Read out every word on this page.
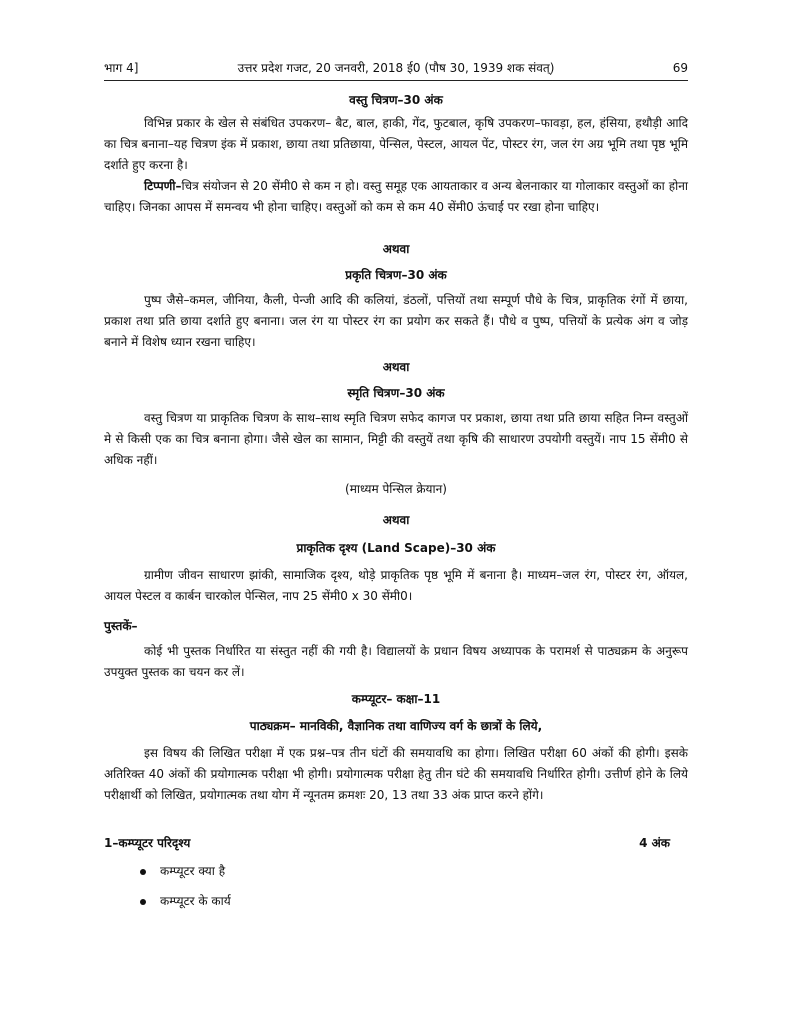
भाग 4]	उत्तर प्रदेश गजट, 20 जनवरी, 2018 ई0 (पौष 30, 1939 शक संवत्)	69
वस्तु चित्रण–30 अंक
विभिन्न प्रकार के खेल से संबंधित उपकरण– बैट, बाल, हाकी, गेंद, फुटबाल, कृषि उपकरण–फावड़ा, हल, हंसिया, हथौड़ी आदि का चित्र बनाना–यह चित्रण इंक में प्रकाश, छाया तथा प्रतिछाया, पेन्सिल, पेस्टल, आयल पेंट, पोस्टर रंग, जल रंग अग्र भूमि तथा पृष्ठ भूमि दर्शाते हुए करना है।
टिप्पणी–चित्र संयोजन से 20 सेंमी0 से कम न हो। वस्तु समूह एक आयताकार व अन्य बेलनाकार या गोलाकार वस्तुओं का होना चाहिए। जिनका आपस में समन्वय भी होना चाहिए। वस्तुओं को कम से कम 40 सेंमी0 ऊंचाई पर रखा होना चाहिए।
अथवा
प्रकृति चित्रण–30 अंक
पुष्प जैसे–कमल, जीनिया, कैली, पेन्जी आदि की कलियां, डंठलों, पत्तियों तथा सम्पूर्ण पौधे के चित्र, प्राकृतिक रंगों में छाया, प्रकाश तथा प्रति छाया दर्शाते हुए बनाना। जल रंग या पोस्टर रंग का प्रयोग कर सकते हैं। पौधे व पुष्प, पत्तियों के प्रत्येक अंग व जोड़ बनाने में विशेष ध्यान रखना चाहिए।
अथवा
स्मृति चित्रण–30 अंक
वस्तु चित्रण या प्राकृतिक चित्रण के साथ–साथ स्मृति चित्रण सफेद कागज पर प्रकाश, छाया तथा प्रति छाया सहित निम्न वस्तुओं मे से किसी एक का चित्र बनाना होगा। जैसे खेल का सामान, मिट्टी की वस्तुयें तथा कृषि की साधारण उपयोगी वस्तुयें। नाप 15 सेंमी0 से अधिक नहीं।
(माध्यम पेन्सिल क्रेयान)
अथवा
प्राकृतिक दृश्य (Land Scape)–30 अंक
ग्रामीण जीवन साधारण झांकी, सामाजिक दृश्य, थोड़े प्राकृतिक पृष्ठ भूमि में बनाना है। माध्यम–जल रंग, पोस्टर रंग, ऑयल, आयल पेस्टल व कार्बन चारकोल पेन्सिल, नाप 25 सेंमी0 x 30 सेंमी0।
पुस्तकें–
कोई भी पुस्तक निर्धारित या संस्तुत नहीं की गयी है। विद्यालयों के प्रधान विषय अध्यापक के परामर्श से पाठ्यक्रम के अनुरूप उपयुक्त पुस्तक का चयन कर लें।
कम्प्यूटर– कक्षा–11
पाठ्यक्रम– मानविकी, वैज्ञानिक तथा वाणिज्य वर्ग के छात्रों के लिये,
इस विषय की लिखित परीक्षा में एक प्रश्न–पत्र तीन घंटों की समयावधि का होगा। लिखित परीक्षा 60 अंकों की होगी। इसके अतिरिक्त 40 अंकों की प्रयोगात्मक परीक्षा भी होगी। प्रयोगात्मक परीक्षा हेतु तीन घंटे की समयावधि निर्धारित होगी। उत्तीर्ण होने के लिये परीक्षार्थी को लिखित, प्रयोगात्मक तथा योग में न्यूनतम क्रमशः 20, 13 तथा 33 अंक प्राप्त करने होंगे।
1–कम्प्यूटर परिदृश्य	4 अंक
कम्प्यूटर क्या है
कम्प्यूटर के कार्य
